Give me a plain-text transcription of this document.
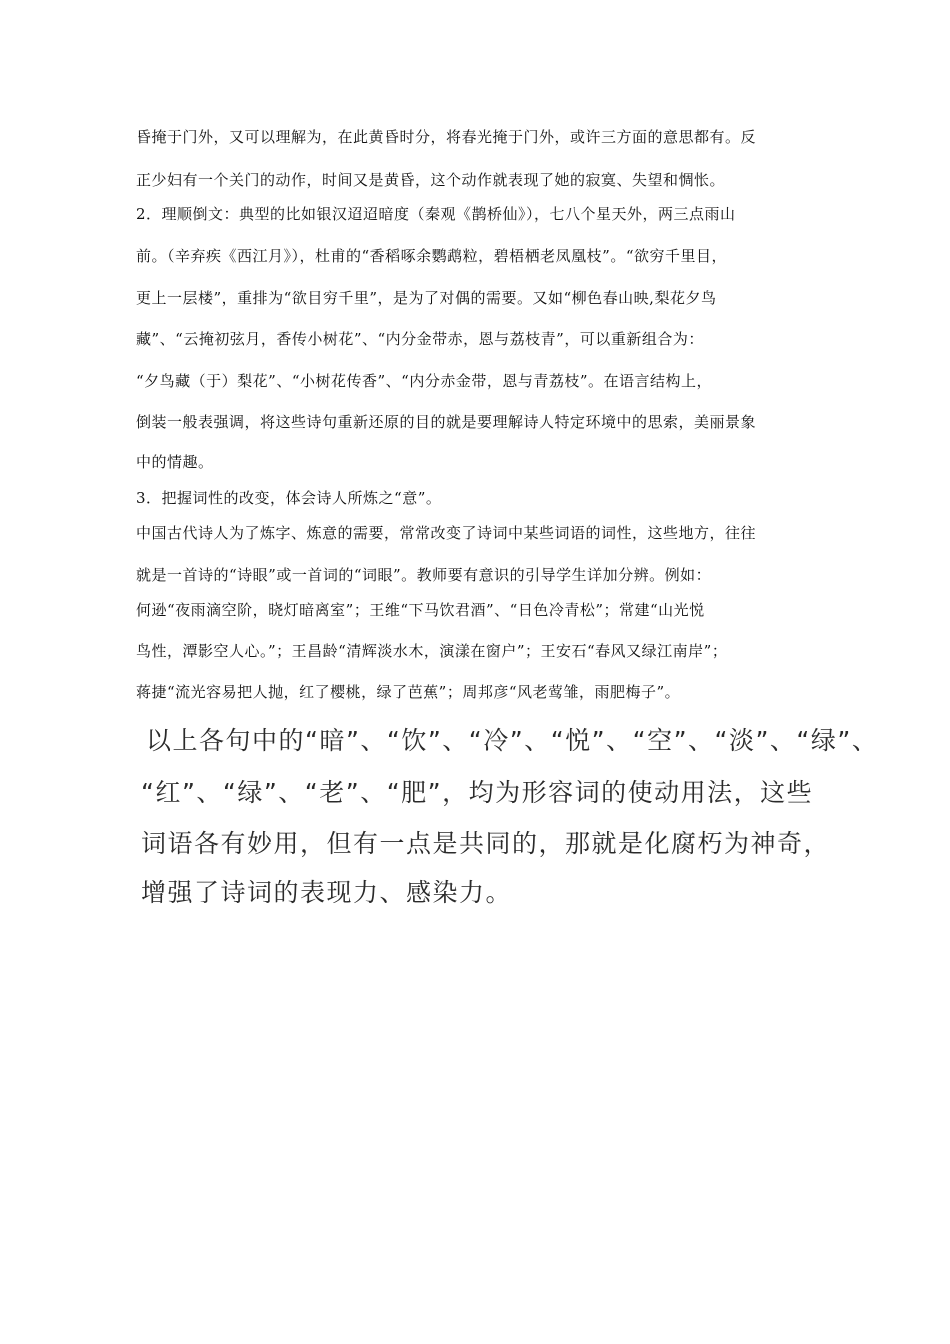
昏掩于门外，又可以理解为，在此黄昏时分，将春光掩于门外，或许三方面的意思都有。反
正少妇有一个关门的动作，时间又是黄昏，这个动作就表现了她的寂寞、失望和惆怅。
2．理顺倒文：典型的比如银汉迢迢暗度（秦观《鹊桥仙》），七八个星天外，两三点雨山
前。（辛弃疾《西江月》），杜甫的“香稻啄余鹦鹉粒，碧梧栖老凤凰枝”。“欲穷千里目，
更上一层楼”，重排为“欲目穷千里”，是为了对偶的需要。又如“柳色春山映,梨花夕鸟
藏”、“云掩初弦月，香传小树花”、“内分金带赤，恩与荔枝青”，可以重新组合为：
“夕鸟藏（于）梨花”、“小树花传香”、“内分赤金带，恩与青荔枝”。在语言结构上，
倒装一般表强调，将这些诗句重新还原的目的就是要理解诗人特定环境中的思索，美丽景象
中的情趣。
3．把握词性的改变，体会诗人所炼之“意”。
中国古代诗人为了炼字、炼意的需要，常常改变了诗词中某些词语的词性，这些地方，往往
就是一首诗的“诗眼”或一首词的“词眼”。教师要有意识的引导学生详加分辨。例如：
何逊“夜雨滴空阶，晓灯暗离室”；王维“下马饮君酒”、“日色冷青松”；常建“山光悦
鸟性，潭影空人心。”；王昌龄“清辉淡水木，演漾在窗户”；王安石“春风又绿江南岸”；
蒋捷“流光容易把人抛，红了樱桃，绿了芭蕉”；周邦彦“风老莺雏，雨肥梅子”。
以上各句中的“暗”、“饮”、“冷”、“悦”、“空”、“淡”、“绿”、
“红”、“绿”、“老”、“肥”，均为形容词的使动用法，这些
词语各有妙用，但有一点是共同的，那就是化腐朽为神奇，
增强了诗词的表现力、感染力。
